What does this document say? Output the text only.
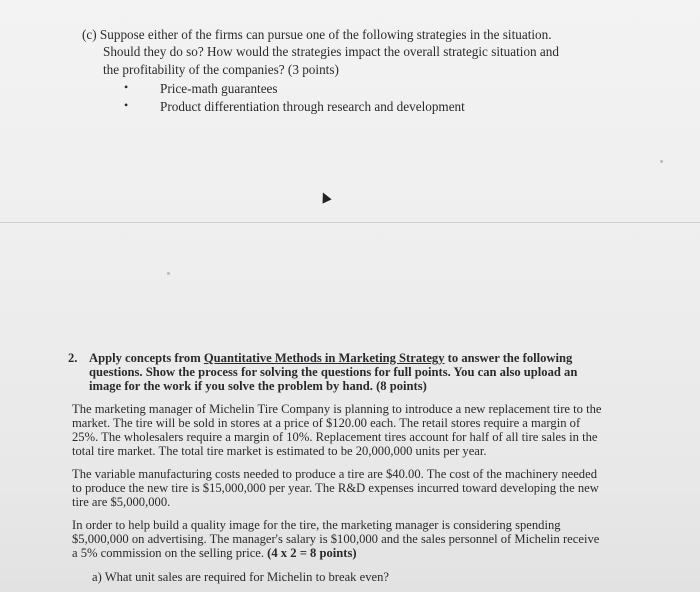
(c) Suppose either of the firms can pursue one of the following strategies in the situation.
Should they do so? How would the strategies impact the overall strategic situation and
the profitability of the companies? (3 points)
• Price-math guarantees
• Product differentiation through research and development
2. Apply concepts from Quantitative Methods in Marketing Strategy to answer the following
questions. Show the process for solving the questions for full points. You can also upload an
image for the work if you solve the problem by hand. (8 points)
The marketing manager of Michelin Tire Company is planning to introduce a new replacement tire to the
market. The tire will be sold in stores at a price of $120.00 each. The retail stores require a margin of
25%. The wholesalers require a margin of 10%. Replacement tires account for half of all tire sales in the
total tire market. The total tire market is estimated to be 20,000,000 units per year.
The variable manufacturing costs needed to produce a tire are $40.00. The cost of the machinery needed
to produce the new tire is $15,000,000 per year. The R&D expenses incurred toward developing the new
tire are $5,000,000.
In order to help build a quality image for the tire, the marketing manager is considering spending
$5,000,000 on advertising. The manager's salary is $100,000 and the sales personnel of Michelin receive
a 5% commission on the selling price. (4 x 2 = 8 points)
a) What unit sales are required for Michelin to break even?
